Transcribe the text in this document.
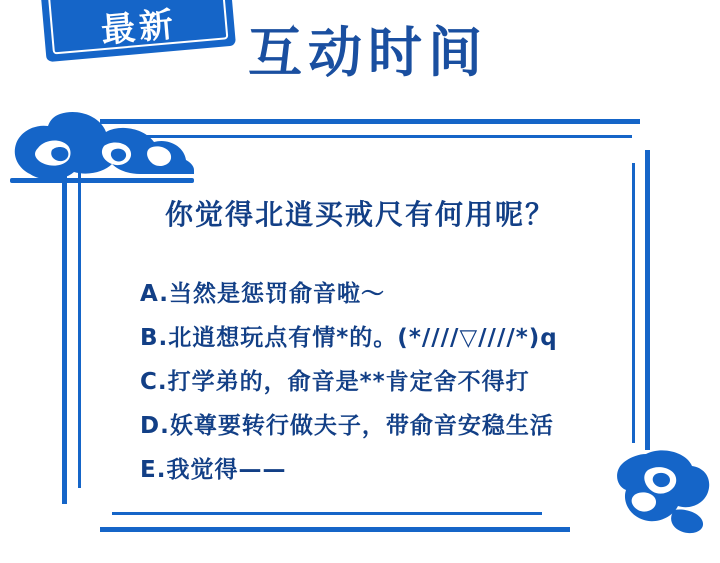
最新	互动时间
你觉得北逍买戒尺有何用呢？
A.当然是惩罚俞音啦～
B.北逍想玩点有情*的。(*////▽////*)q
C.打学弟的，俞音是**肯定舍不得打
D.妖尊要转行做夫子，带俞音安稳生活
E.我觉得——
